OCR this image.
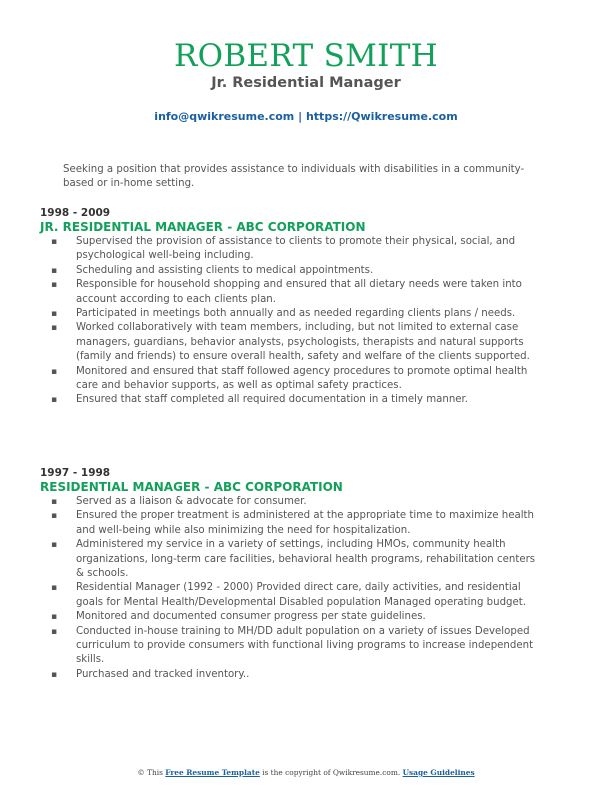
ROBERT SMITH
Jr. Residential Manager
info@qwikresume.com | https://Qwikresume.com
Seeking a position that provides assistance to individuals with disabilities in a community-based or in-home setting.
1998 - 2009
JR. RESIDENTIAL MANAGER - ABC CORPORATION
▪ Supervised the provision of assistance to clients to promote their physical, social, and psychological well-being including.
▪ Scheduling and assisting clients to medical appointments.
▪ Responsible for household shopping and ensured that all dietary needs were taken into account according to each clients plan.
▪ Participated in meetings both annually and as needed regarding clients plans / needs.
▪ Worked collaboratively with team members, including, but not limited to external case managers, guardians, behavior analysts, psychologists, therapists and natural supports (family and friends) to ensure overall health, safety and welfare of the clients supported.
▪ Monitored and ensured that staff followed agency procedures to promote optimal health care and behavior supports, as well as optimal safety practices.
▪ Ensured that staff completed all required documentation in a timely manner.
1997 - 1998
RESIDENTIAL MANAGER - ABC CORPORATION
▪ Served as a liaison & advocate for consumer.
▪ Ensured the proper treatment is administered at the appropriate time to maximize health and well-being while also minimizing the need for hospitalization.
▪ Administered my service in a variety of settings, including HMOs, community health organizations, long-term care facilities, behavioral health programs, rehabilitation centers & schools.
▪ Residential Manager (1992 - 2000) Provided direct care, daily activities, and residential goals for Mental Health/Developmental Disabled population Managed operating budget.
▪ Monitored and documented consumer progress per state guidelines.
▪ Conducted in-house training to MH/DD adult population on a variety of issues Developed curriculum to provide consumers with functional living programs to increase independent skills.
▪ Purchased and tracked inventory..
© This Free Resume Template is the copyright of Qwikresume.com. Usage Guidelines
